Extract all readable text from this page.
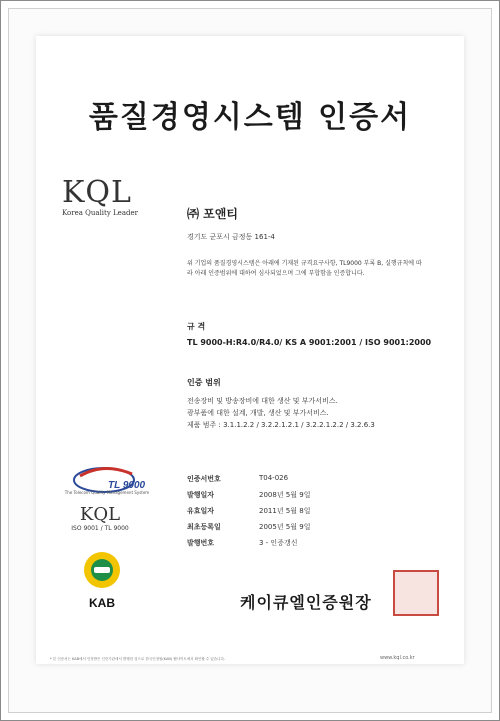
품질경영시스템 인증서
KQL
Korea Quality Leader	㈜ 포앤티
경기도 군포시 금정동 161-4
위 기업의 품질경영시스템은 아래에 기재된 규격요구사항, TL9000 부록 B, 실행규칙에 따라 아래 인증범위에 대하여 심사되었으며 그에 부합함을 인증합니다.
규 격
TL 9000-H:R4.0/R4.0/ KS A 9001:2001 / ISO 9001:2000
인증 범위
전송장비 및 방송장비에 대한 생산 및 부가서비스.
광부품에 대한 설계, 개발, 생산 및 부가서비스.
제품 범주 : 3.1.1.2.2 / 3.2.2.1.2.1 / 3.2.2.1.2.2 / 3.2.6.3
TL 9000
The Telecom Quality Management System
KQL
ISO 9001 / TL 9000
KAB
인증서번호	T04-026
발행일자	2008년 5월 9일
유효일자	2011년 5월 8일
최초등록일	2005년 5월 9일
발행번호	3 - 인증갱신
케이큐엘인증원장
* 본 인증서는 KAB에서 인정받은 인증기관에서 발행한 것으로 한국인정원(KAB) 웹사이트에서 확인할 수 있습니다.	www.kql.co.kr
